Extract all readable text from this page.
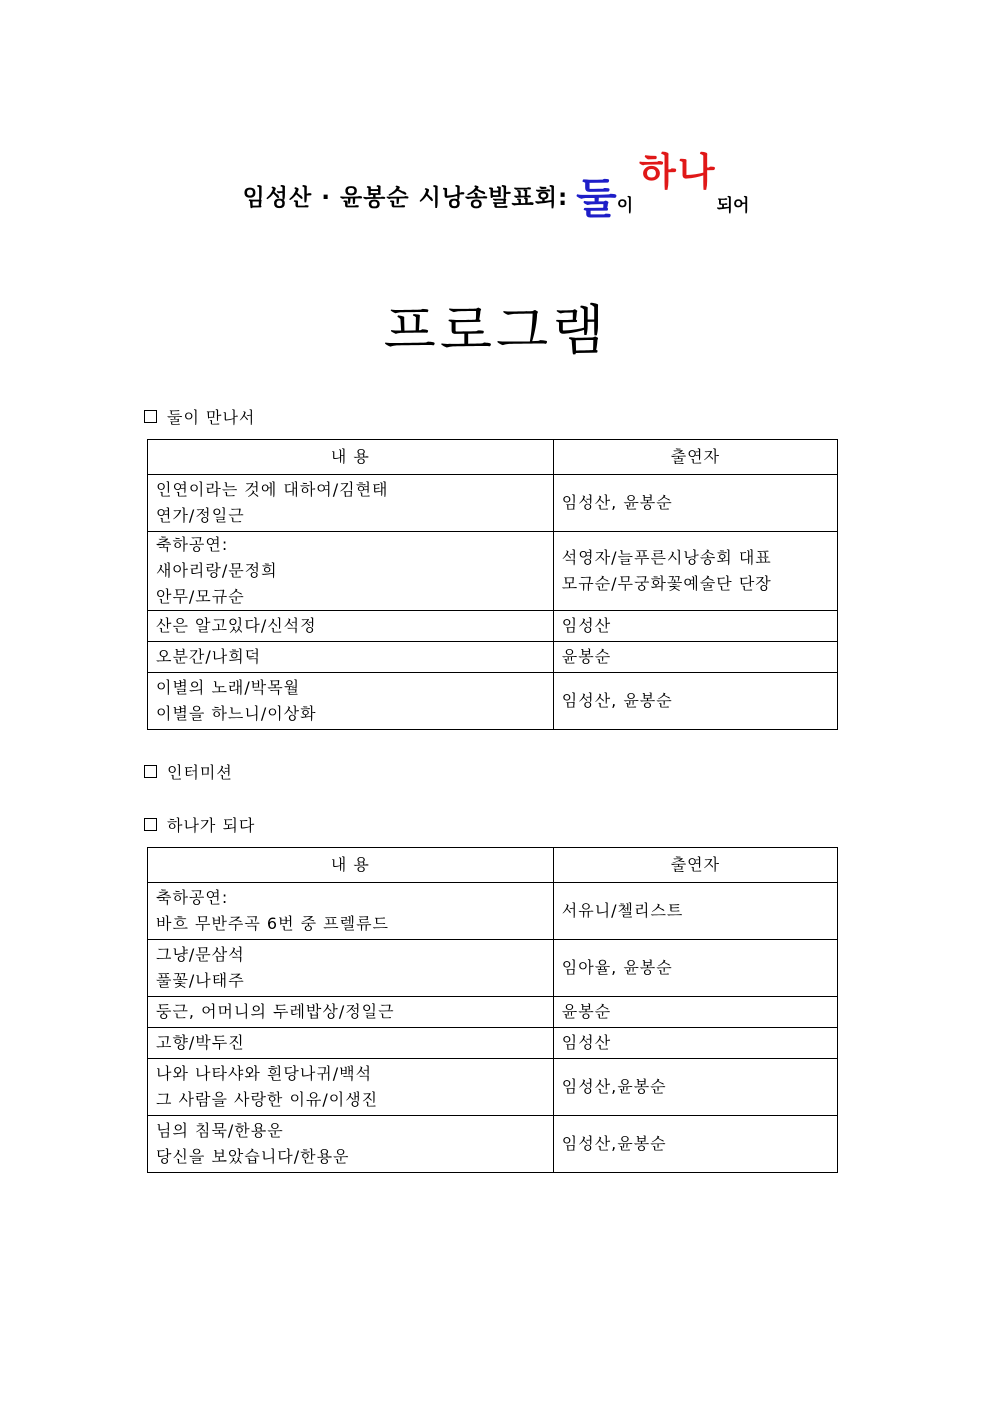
임성산 · 윤봉순 시낭송발표회: 둘이하나되어
프로그램
둘이 만나서
내 용	출연자

인연이라는 것에 대하여/김현태
연가/정일근	임성산, 윤봉순

축하공연:
새아리랑/문정희
안무/모규순	석영자/늘푸른시낭송회 대표
모규순/무궁화꽃예술단 단장

산은 알고있다/신석정	임성산

오분간/나희덕	윤봉순

이별의 노래/박목월
이별을 하느니/이상화	임성산, 윤봉순
인터미션
하나가 되다
내 용	출연자

축하공연:
바흐 무반주곡 6번 중 프렐류드	서유니/첼리스트

그냥/문삼석
풀꽃/나태주	임아율, 윤봉순

둥근, 어머니의 두레밥상/정일근	윤봉순

고향/박두진	임성산

나와 나타샤와 흰당나귀/백석
그 사람을 사랑한 이유/이생진	임성산,윤봉순

님의 침묵/한용운
당신을 보았습니다/한용운	임성산,윤봉순
